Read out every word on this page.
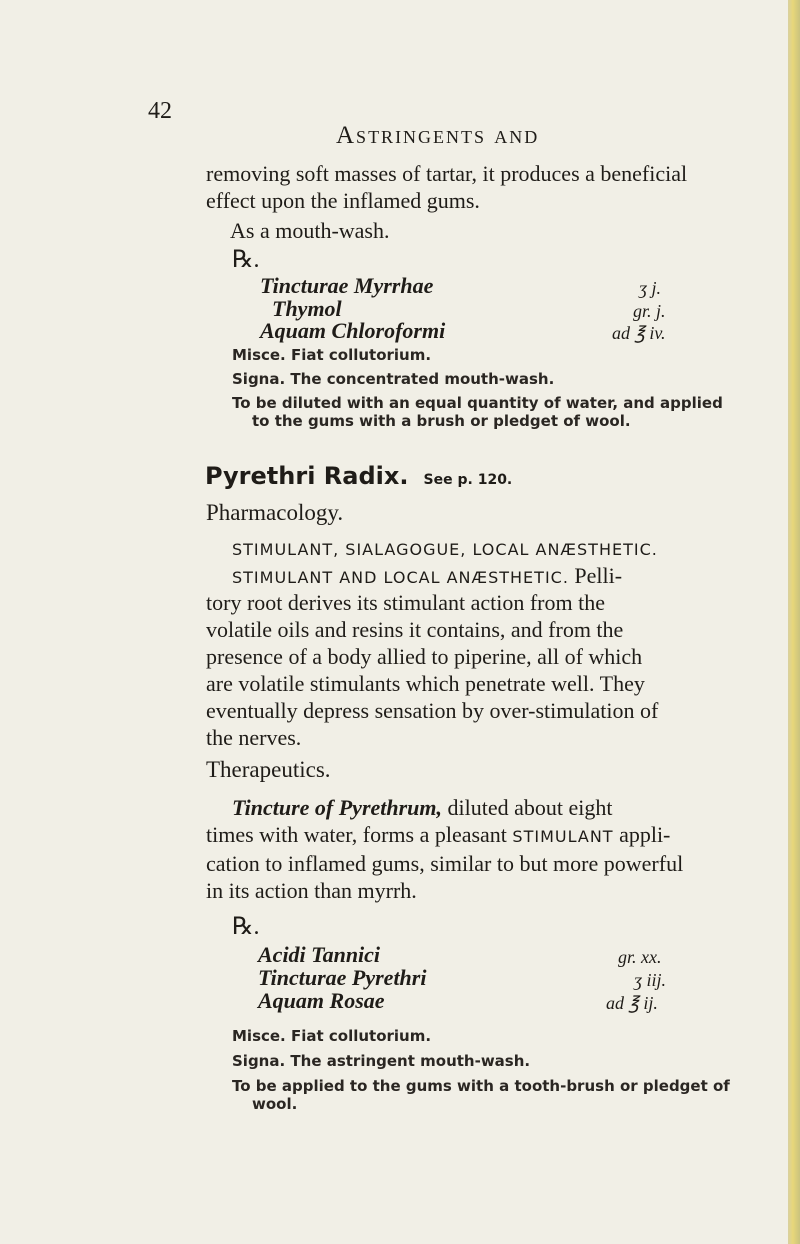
42
Astringents and
removing soft masses of tartar, it produces a beneficial
effect upon the inflamed gums.
As a mouth-wash.
℞.
Tincturae Myrrhae	ʒ j.
Thymol	gr. j.
Aquam Chloroformi	ad ℥ iv.
Misce. Fiat collutorium.
Signa. The concentrated mouth-wash.
To be diluted with an equal quantity of water, and applied
to the gums with a brush or pledget of wool.
Pyrethri Radix. See p. 120.
Pharmacology.
STIMULANT, SIALAGOGUE, LOCAL ANÆSTHETIC.
STIMULANT AND LOCAL ANÆSTHETIC. Pelli-
tory root derives its stimulant action from the
volatile oils and resins it contains, and from the
presence of a body allied to piperine, all of which
are volatile stimulants which penetrate well. They
eventually depress sensation by over-stimulation of
the nerves.
Therapeutics.
Tincture of Pyrethrum, diluted about eight
times with water, forms a pleasant STIMULANT appli-
cation to inflamed gums, similar to but more powerful
in its action than myrrh.
℞.
Acidi Tannici	gr. xx.
Tincturae Pyrethri	ʒ iij.
Aquam Rosae	ad ℥ ij.
Misce. Fiat collutorium.
Signa. The astringent mouth-wash.
To be applied to the gums with a tooth-brush or pledget of
wool.
